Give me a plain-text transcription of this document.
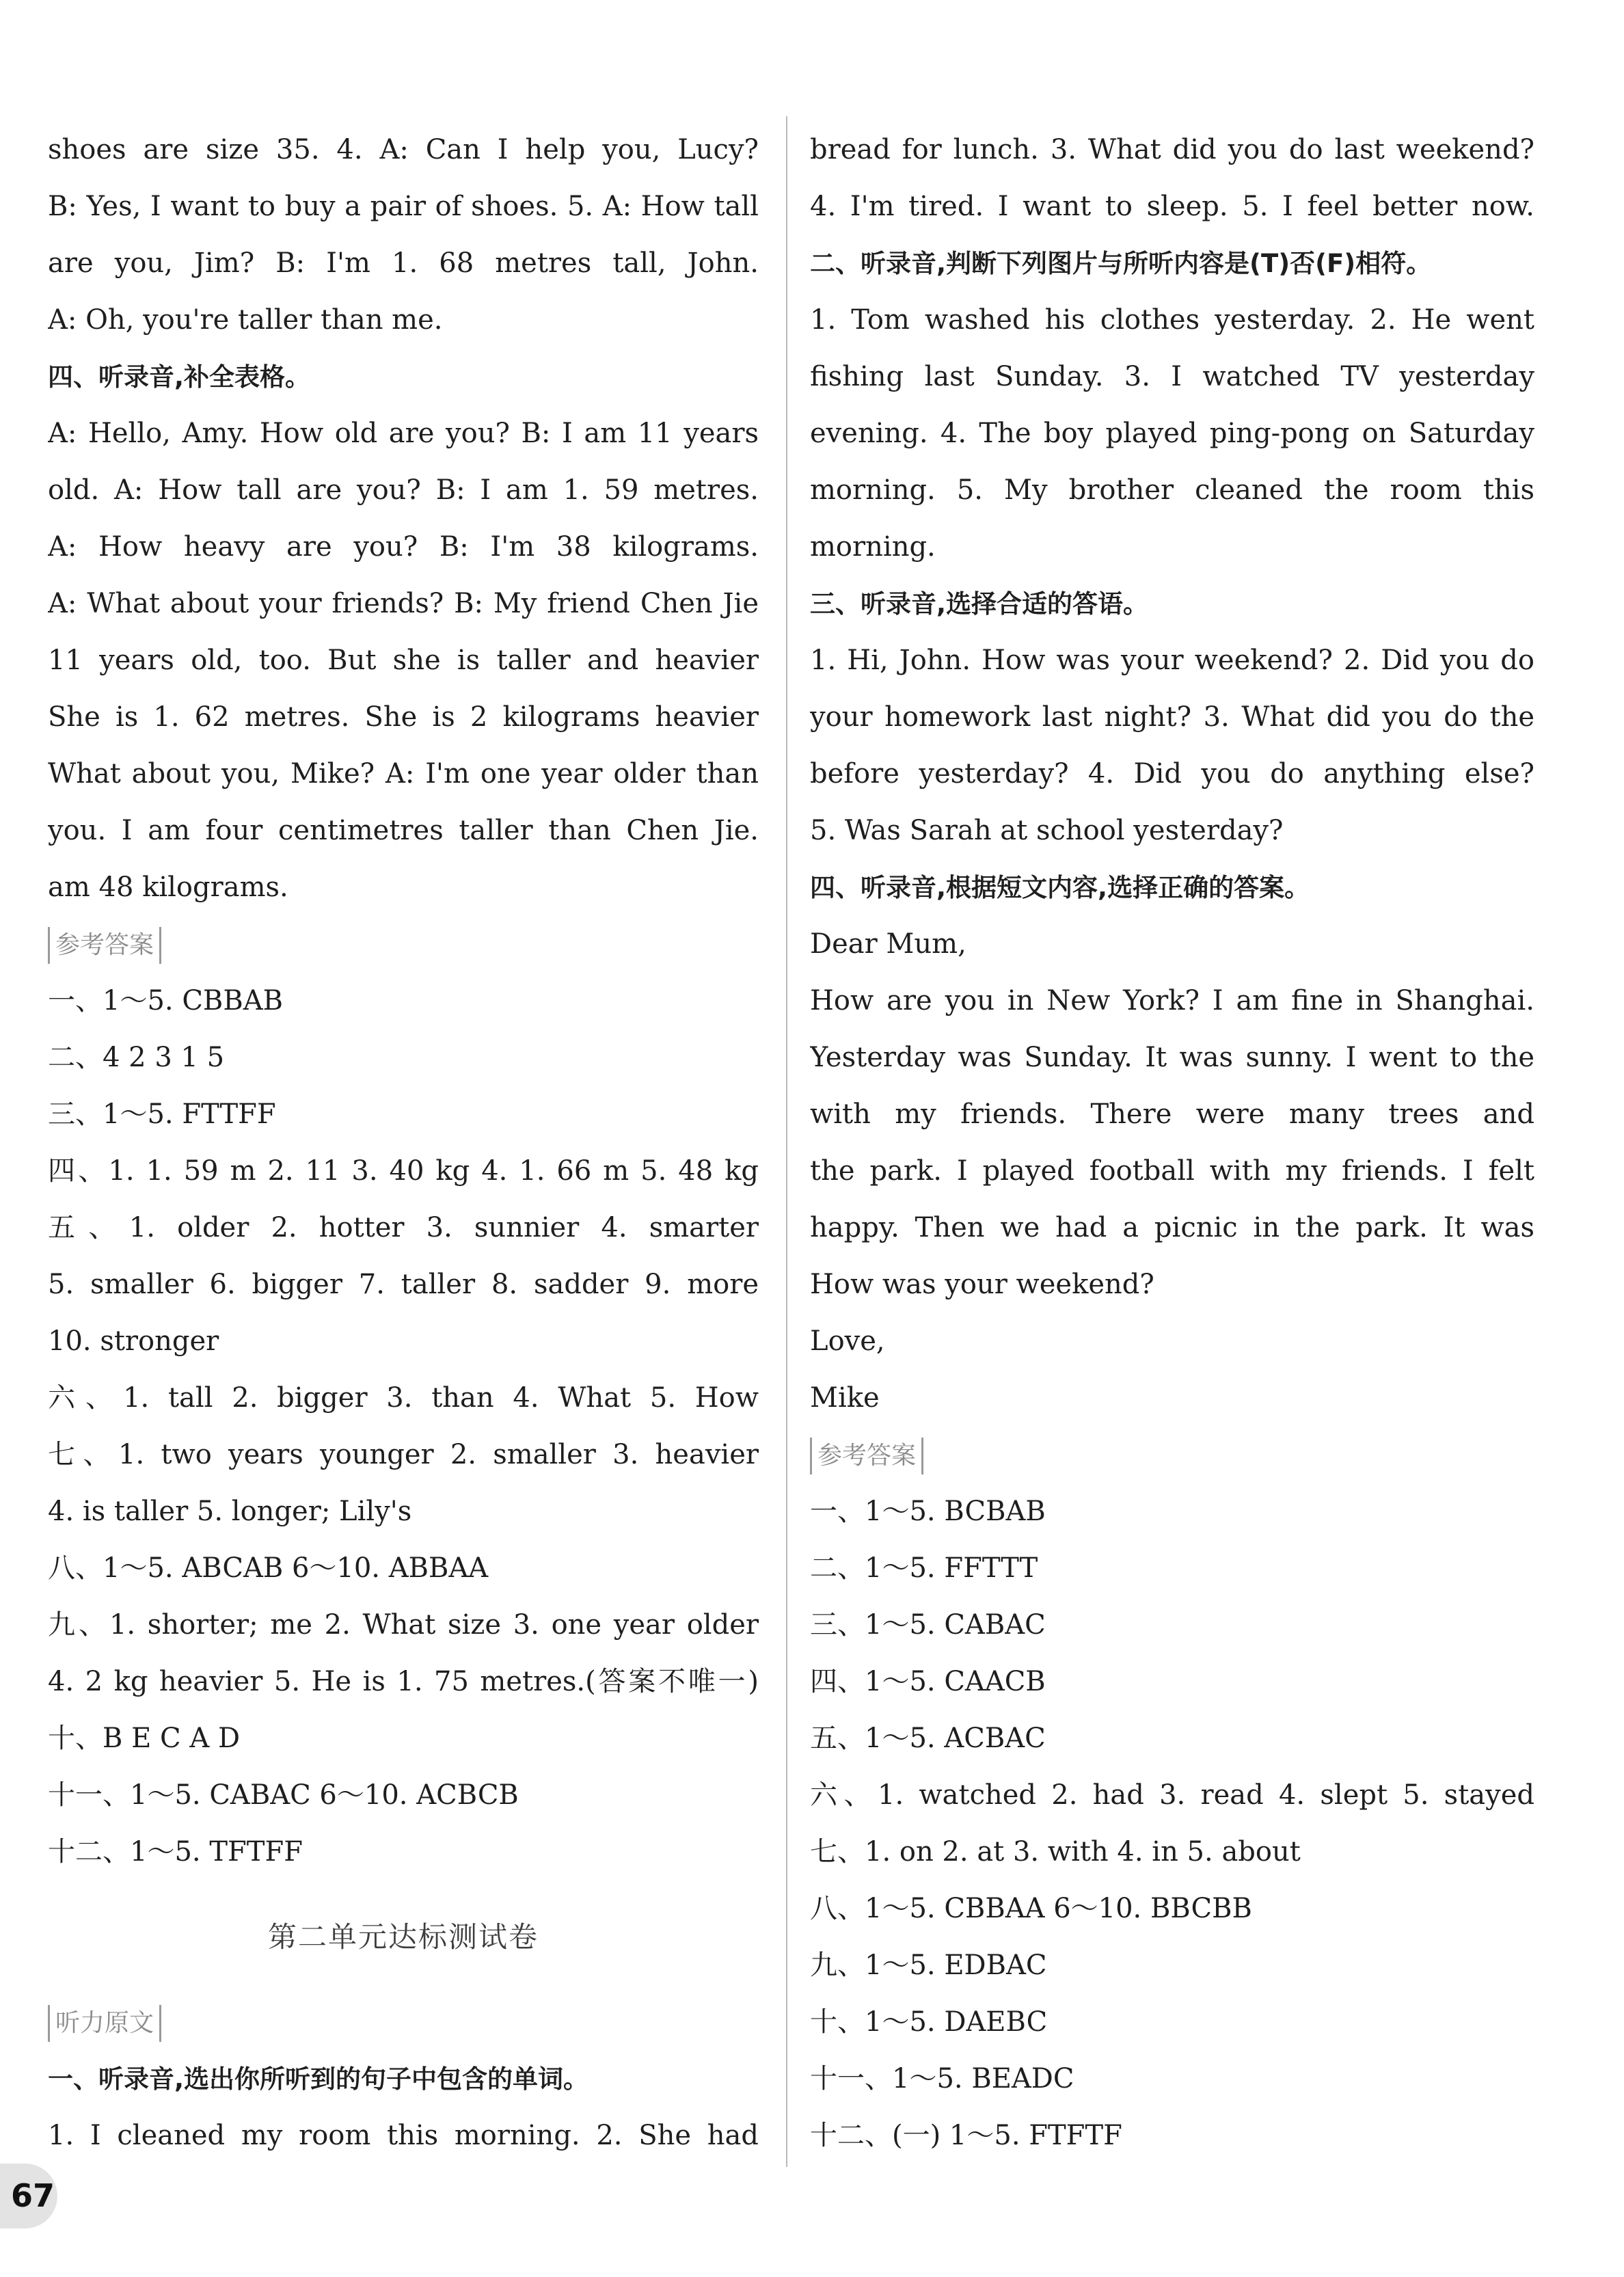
shoes are size 35. 4. A: Can I help you, Lucy?
B: Yes, I want to buy a pair of shoes. 5. A: How tall
are you, Jim? B: I'm 1. 68 metres tall, John.
A: Oh, you're taller than me.
四、听录音,补全表格。
A: Hello, Amy. How old are you? B: I am 11 years
old. A: How tall are you? B: I am 1. 59 metres.
A: How heavy are you? B: I'm 38 kilograms.
A: What about your friends? B: My friend Chen Jie
11 years old, too. But she is taller and heavier
She is 1. 62 metres. She is 2 kilograms heavier
What about you, Mike? A: I'm one year older than
you. I am four centimetres taller than Chen Jie.
am 48 kilograms.
参考答案
一、1～5. CBBAB
二、4 2 3 1 5
三、1～5. FTTFF
四、1. 1. 59 m 2. 11 3. 40 kg 4. 1. 66 m 5. 48 kg
五、1. older 2. hotter 3. sunnier 4. smarter
5. smaller 6. bigger 7. taller 8. sadder 9. more
10. stronger
六、1. tall 2. bigger 3. than 4. What 5. How
七、1. two years younger 2. smaller 3. heavier
4. is taller 5. longer; Lily's
八、1～5. ABCAB 6～10. ABBAA
九、1. shorter; me 2. What size 3. one year older
4. 2 kg heavier 5. He is 1. 75 metres.(答案不唯一)
十、B E C A D
十一、1～5. CABAC 6～10. ACBCB
十二、1～5. TFTFF
第二单元达标测试卷
听力原文
一、听录音,选出你所听到的句子中包含的单词。
1. I cleaned my room this morning. 2. She had
bread for lunch. 3. What did you do last weekend?
4. I'm tired. I want to sleep. 5. I feel better now.
二、听录音,判断下列图片与所听内容是(T)否(F)相符。
1. Tom washed his clothes yesterday. 2. He went
fishing last Sunday. 3. I watched TV yesterday
evening. 4. The boy played ping-pong on Saturday
morning. 5. My brother cleaned the room this
morning.
三、听录音,选择合适的答语。
1. Hi, John. How was your weekend? 2. Did you do
your homework last night? 3. What did you do the
before yesterday? 4. Did you do anything else?
5. Was Sarah at school yesterday?
四、听录音,根据短文内容,选择正确的答案。
Dear Mum,
How are you in New York? I am fine in Shanghai.
Yesterday was Sunday. It was sunny. I went to the
with my friends. There were many trees and
the park. I played football with my friends. I felt
happy. Then we had a picnic in the park. It was
How was your weekend?
Love,
Mike
参考答案
一、1～5. BCBAB
二、1～5. FFTTT
三、1～5. CABAC
四、1～5. CAACB
五、1～5. ACBAC
六、1. watched 2. had 3. read 4. slept 5. stayed
七、1. on 2. at 3. with 4. in 5. about
八、1～5. CBBAA 6～10. BBCBB
九、1～5. EDBAC
十、1～5. DAEBC
十一、1～5. BEADC
十二、(一) 1～5. FTFTF
67
